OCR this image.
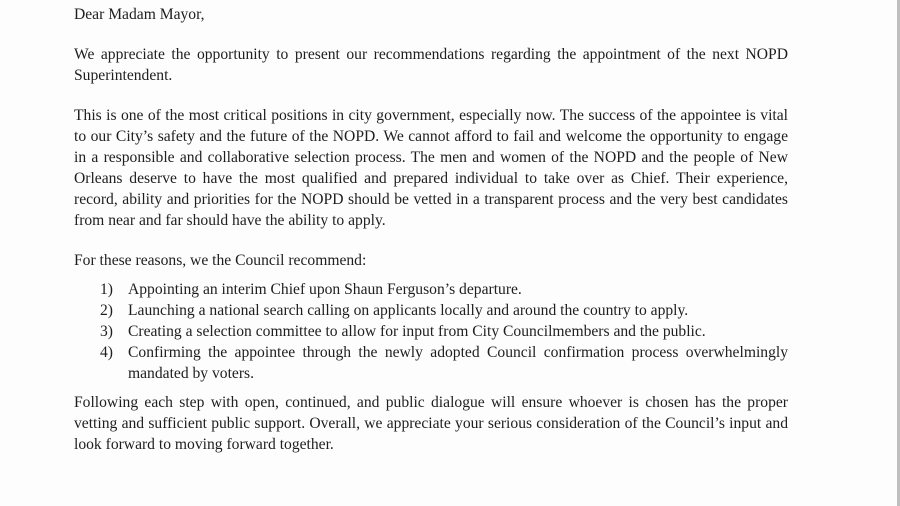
Dear Madam Mayor,

We appreciate the opportunity to present our recommendations regarding the appointment of the next NOPD Superintendent.

This is one of the most critical positions in city government, especially now. The success of the appointee is vital to our City’s safety and the future of the NOPD. We cannot afford to fail and welcome the opportunity to engage in a responsible and collaborative selection process. The men and women of the NOPD and the people of New Orleans deserve to have the most qualified and prepared individual to take over as Chief. Their experience, record, ability and priorities for the NOPD should be vetted in a transparent process and the very best candidates from near and far should have the ability to apply.

For these reasons, we the Council recommend:

1) Appointing an interim Chief upon Shaun Ferguson’s departure.
2) Launching a national search calling on applicants locally and around the country to apply.
3) Creating a selection committee to allow for input from City Councilmembers and the public.
4) Confirming the appointee through the newly adopted Council confirmation process overwhelmingly mandated by voters.

Following each step with open, continued, and public dialogue will ensure whoever is chosen has the proper vetting and sufficient public support. Overall, we appreciate your serious consideration of the Council’s input and look forward to moving forward together.
